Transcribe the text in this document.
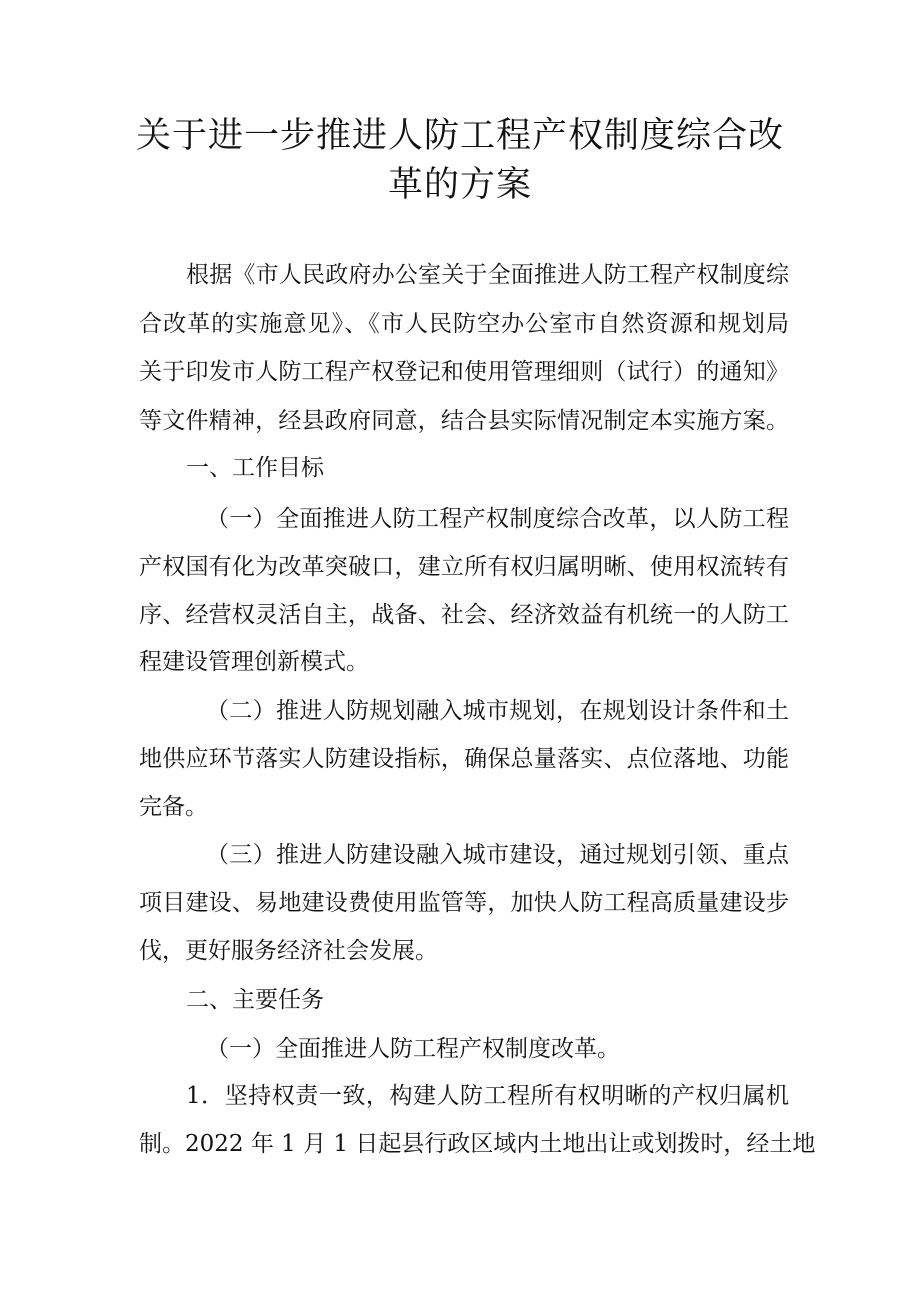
关于进一步推进人防工程产权制度综合改
革的方案

根据《市人民政府办公室关于全面推进人防工程产权制度综

合改革的实施意见》、《市人民防空办公室市自然资源和规划局

关于印发市人防工程产权登记和使用管理细则（试行）的通知》

等文件精神，经县政府同意，结合县实际情况制定本实施方案。

一、工作目标

（一）全面推进人防工程产权制度综合改革，以人防工程

产权国有化为改革突破口，建立所有权归属明晰、使用权流转有

序、经营权灵活自主，战备、社会、经济效益有机统一的人防工

程建设管理创新模式。

（二）推进人防规划融入城市规划，在规划设计条件和土

地供应环节落实人防建设指标，确保总量落实、点位落地、功能

完备。

（三）推进人防建设融入城市建设，通过规划引领、重点

项目建设、易地建设费使用监管等，加快人防工程高质量建设步

伐，更好服务经济社会发展。

二、主要任务

（一）全面推进人防工程产权制度改革。

1．坚持权责一致，构建人防工程所有权明晰的产权归属机

制。2022 年 1 月 1 日起县行政区域内土地出让或划拨时，经土地
